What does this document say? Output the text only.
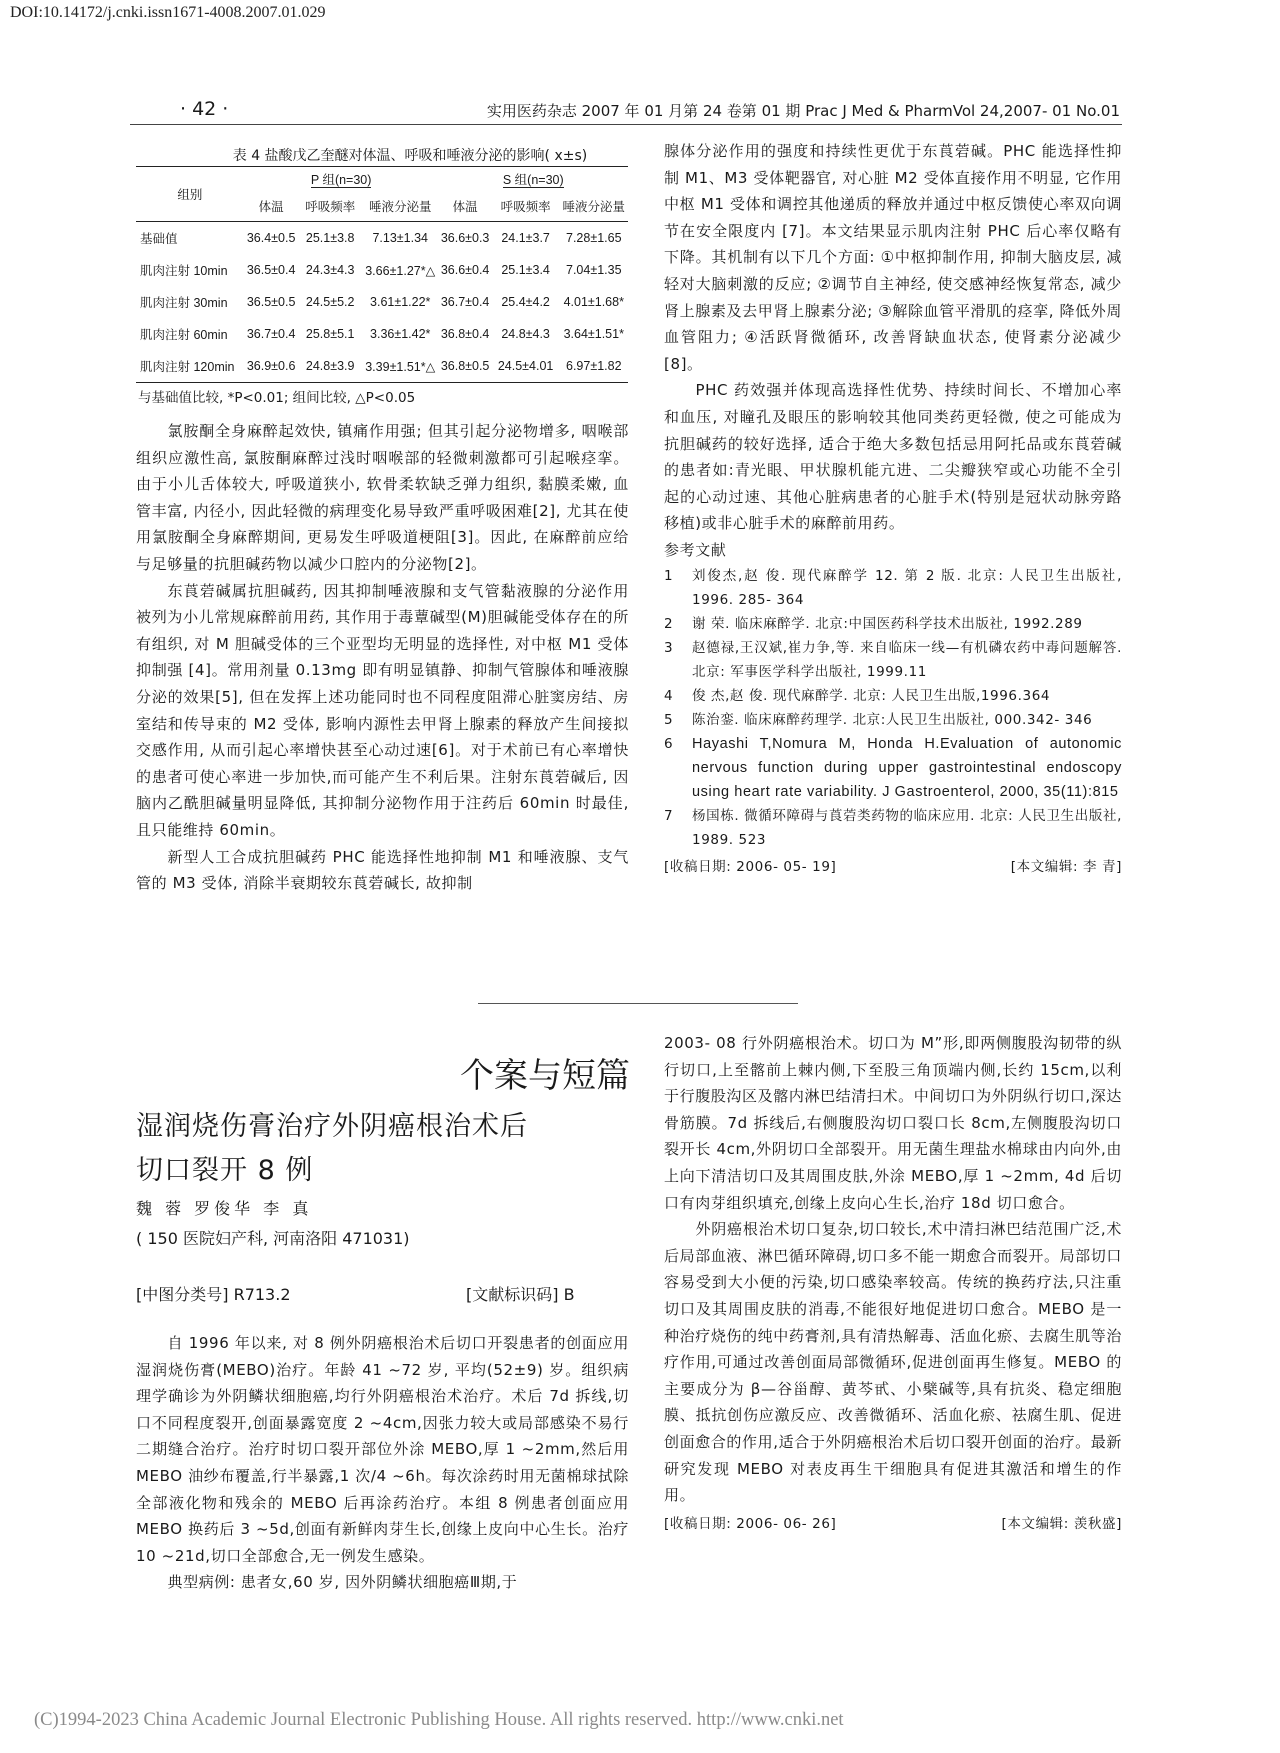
DOI:10.14172/j.cnki.issn1671-4008.2007.01.029
· 42 ·	实用医药杂志 2007 年 01 月第 24 卷第 01 期 Prac J Med & PharmVol 24,2007- 01 No.01
表 4 盐酸戊乙奎醚对体温、呼吸和唾液分泌的影响( x±s)
组别	P 组(n=30)			S 组(n=30)		
	体温	呼吸频率	唾液分泌量	体温	呼吸频率	唾液分泌量
基础值	36.4±0.5	25.1±3.8	7.13±1.34	36.6±0.3	24.1±3.7	7.28±1.65
肌肉注射 10min	36.5±0.4	24.3±4.3	3.66±1.27*△	36.6±0.4	25.1±3.4	7.04±1.35
肌肉注射 30min	36.5±0.5	24.5±5.2	3.61±1.22*	36.7±0.4	25.4±4.2	4.01±1.68*
肌肉注射 60min	36.7±0.4	25.8±5.1	3.36±1.42*	36.8±0.4	24.8±4.3	3.64±1.51*
肌肉注射 120min	36.9±0.6	24.8±3.9	3.39±1.51*△	36.8±0.5	24.5±4.01	6.97±1.82
与基础值比较, *P<0.01; 组间比较, △P<0.05

氯胺酮全身麻醉起效快, 镇痛作用强; 但其引起分泌物增多, 咽喉部组织应激性高, 氯胺酮麻醉过浅时咽喉部的轻微刺激都可引起喉痉挛。由于小儿舌体较大, 呼吸道狭小, 软骨柔软缺乏弹力组织, 黏膜柔嫩, 血管丰富, 内径小, 因此轻微的病理变化易导致严重呼吸困难[2], 尤其在使用氯胺酮全身麻醉期间, 更易发生呼吸道梗阻[3]。因此, 在麻醉前应给与足够量的抗胆碱药物以减少口腔内的分泌物[2]。

东莨菪碱属抗胆碱药, 因其抑制唾液腺和支气管黏液腺的分泌作用被列为小儿常规麻醉前用药, 其作用于毒蕈碱型(M)胆碱能受体存在的所有组织, 对 M 胆碱受体的三个亚型均无明显的选择性, 对中枢 M1 受体抑制强 [4]。常用剂量 0.13mg 即有明显镇静、抑制气管腺体和唾液腺分泌的效果[5], 但在发挥上述功能同时也不同程度阻滞心脏窦房结、房室结和传导束的 M2 受体, 影响内源性去甲肾上腺素的释放产生间接拟交感作用, 从而引起心率增快甚至心动过速[6]。对于术前已有心率增快的患者可使心率进一步加快,而可能产生不利后果。注射东莨菪碱后, 因脑内乙酰胆碱量明显降低, 其抑制分泌物作用于注药后 60min 时最佳,且只能维持 60min。

新型人工合成抗胆碱药 PHC 能选择性地抑制 M1 和唾液腺、支气管的 M3 受体, 消除半衰期较东莨菪碱长, 故抑制

腺体分泌作用的强度和持续性更优于东莨菪碱。PHC 能选择性抑制 M1、M3 受体靶器官, 对心脏 M2 受体直接作用不明显, 它作用中枢 M1 受体和调控其他递质的释放并通过中枢反馈使心率双向调节在安全限度内 [7]。本文结果显示肌肉注射 PHC 后心率仅略有下降。其机制有以下几个方面: ①中枢抑制作用, 抑制大脑皮层, 减轻对大脑刺激的反应; ②调节自主神经, 使交感神经恢复常态, 减少肾上腺素及去甲肾上腺素分泌; ③解除血管平滑肌的痉挛, 降低外周血管阻力; ④活跃肾微循环, 改善肾缺血状态, 使肾素分泌减少[8]。

PHC 药效强并体现高选择性优势、持续时间长、不增加心率和血压, 对瞳孔及眼压的影响较其他同类药更轻微, 使之可能成为抗胆碱药的较好选择, 适合于绝大多数包括忌用阿托品或东莨菪碱的患者如:青光眼、甲状腺机能亢进、二尖瓣狭窄或心功能不全引起的心动过速、其他心脏病患者的心脏手术(特别是冠状动脉旁路移植)或非心脏手术的麻醉前用药。

参考文献

1	刘俊杰,赵 俊. 现代麻醉学 12. 第 2 版. 北京: 人民卫生出版社, 1996. 285- 364
2	谢 荣. 临床麻醉学. 北京:中国医药科学技术出版社, 1992.289
3	赵德禄,王汉斌,崔力争,等. 来自临床一线—有机磷农药中毒问题解答. 北京: 军事医学科学出版社, 1999.11
4	俊 杰,赵 俊. 现代麻醉学. 北京: 人民卫生出版,1996.364
5	陈治銮. 临床麻醉药理学. 北京:人民卫生出版社, 000.342- 346
6	Hayashi T,Nomura M, Honda H.Evaluation of autonomic nervous function during upper gastrointestinal endoscopy using heart rate variability. J Gastroenterol, 2000, 35(11):815
7	杨国栋. 微循环障碍与莨菪类药物的临床应用. 北京: 人民卫生出版社, 1989. 523
[收稿日期: 2006- 05- 19]	[本文编辑: 李 青]
个案与短篇
湿润烧伤膏治疗外阴癌根治术后
切口裂开 8 例
魏 蓉 罗俊华 李 真
( 150 医院妇产科, 河南洛阳 471031)
[中图分类号] R713.2	[文献标识码] B

自 1996 年以来, 对 8 例外阴癌根治术后切口开裂患者的创面应用湿润烧伤膏(MEBO)治疗。年龄 41 ~72 岁, 平均(52±9) 岁。组织病理学确诊为外阴鳞状细胞癌,均行外阴癌根治术治疗。术后 7d 拆线,切口不同程度裂开,创面暴露宽度 2 ~4cm,因张力较大或局部感染不易行二期缝合治疗。治疗时切口裂开部位外涂 MEBO,厚 1 ~2mm,然后用 MEBO 油纱布覆盖,行半暴露,1 次/4 ~6h。每次涂药时用无菌棉球拭除全部液化物和残余的 MEBO 后再涂药治疗。本组 8 例患者创面应用 MEBO 换药后 3 ~5d,创面有新鲜肉芽生长,创缘上皮向中心生长。治疗 10 ~21d,切口全部愈合,无一例发生感染。

典型病例: 患者女,60 岁, 因外阴鳞状细胞癌Ⅲ期,于

2003- 08 行外阴癌根治术。切口为 M”形,即两侧腹股沟韧带的纵行切口,上至髂前上棘内侧,下至股三角顶端内侧,长约 15cm,以利于行腹股沟区及髂内淋巴结清扫术。中间切口为外阴纵行切口,深达骨筋膜。7d 拆线后,右侧腹股沟切口裂口长 8cm,左侧腹股沟切口裂开长 4cm,外阴切口全部裂开。用无菌生理盐水棉球由内向外,由上向下清洁切口及其周围皮肤,外涂 MEBO,厚 1 ~2mm, 4d 后切口有肉芽组织填充,创缘上皮向心生长,治疗 18d 切口愈合。

外阴癌根治术切口复杂,切口较长,术中清扫淋巴结范围广泛,术后局部血液、淋巴循环障碍,切口多不能一期愈合而裂开。局部切口容易受到大小便的污染,切口感染率较高。传统的换药疗法,只注重切口及其周围皮肤的消毒,不能很好地促进切口愈合。MEBO 是一种治疗烧伤的纯中药膏剂,具有清热解毒、活血化瘀、去腐生肌等治疗作用,可通过改善创面局部微循环,促进创面再生修复。MEBO 的主要成分为 β—谷甾醇、黄芩甙、小檗碱等,具有抗炎、稳定细胞膜、抵抗创伤应激反应、改善微循环、活血化瘀、祛腐生肌、促进创面愈合的作用,适合于外阴癌根治术后切口裂开创面的治疗。最新研究发现 MEBO 对表皮再生干细胞具有促进其激活和增生的作用。

[收稿日期: 2006- 06- 26]	[本文编辑: 羡秋盛]
(C)1994-2023 China Academic Journal Electronic Publishing House. All rights reserved. http://www.cnki.net
